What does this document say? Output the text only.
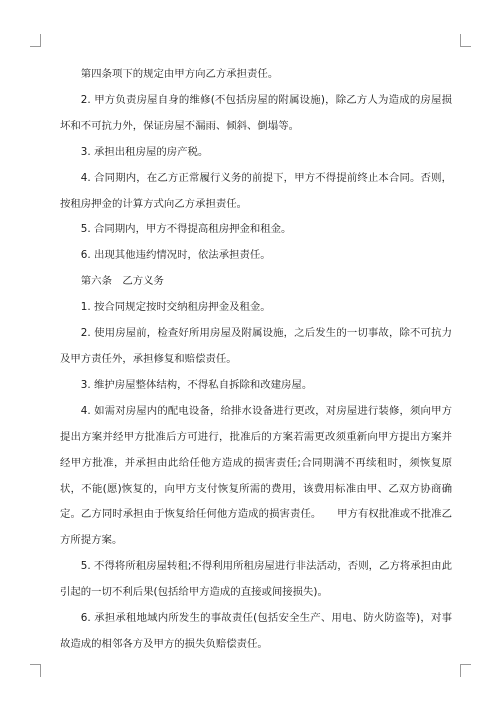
第四条项下的规定由甲方向乙方承担责任。

2. 甲方负责房屋自身的维修(不包括房屋的附属设施)，除乙方人为造成的房屋损坏和不可抗力外，保证房屋不漏雨、倾斜、倒塌等。

3. 承担出租房屋的房产税。

4. 合同期内，在乙方正常履行义务的前提下，甲方不得提前终止本合同。否则，按租房押金的计算方式向乙方承担责任。

5. 合同期内，甲方不得提高租房押金和租金。

6. 出现其他违约情况时，依法承担责任。

第六条　乙方义务

1. 按合同规定按时交纳租房押金及租金。

2. 使用房屋前，检查好所用房屋及附属设施，之后发生的一切事故，除不可抗力及甲方责任外，承担修复和赔偿责任。

3. 维护房屋整体结构，不得私自拆除和改建房屋。

4. 如需对房屋内的配电设备，给排水设备进行更改，对房屋进行装修，须向甲方提出方案并经甲方批准后方可进行，批准后的方案若需更改须重新向甲方提出方案并经甲方批准，并承担由此给任他方造成的损害责任;合同期满不再续租时，须恢复原状，不能(愿)恢复的，向甲方支付恢复所需的费用，该费用标准由甲、乙双方协商确定。乙方同时承担由于恢复给任何他方造成的损害责任。　　甲方有权批准或不批准乙方所提方案。

5. 不得将所租房屋转租;不得利用所租房屋进行非法活动，否则，乙方将承担由此引起的一切不利后果(包括给甲方造成的直接或间接损失)。

6. 承担承租地域内所发生的事故责任(包括安全生产、用电、防火防盗等)，对事故造成的相邻各方及甲方的损失负赔偿责任。
